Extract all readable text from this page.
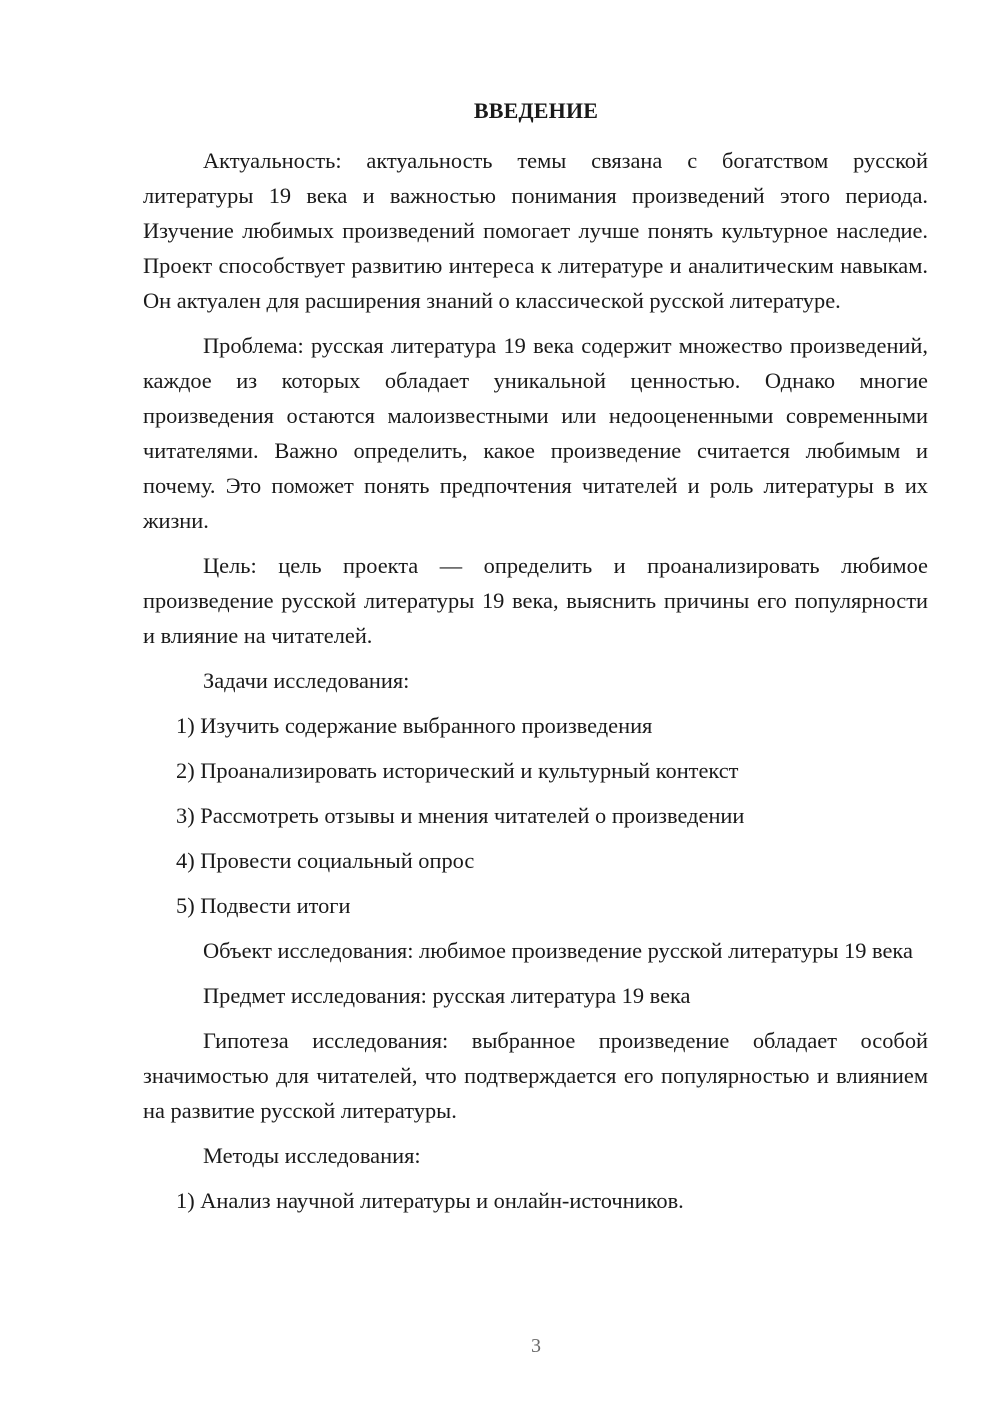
ВВЕДЕНИЕ

Актуальность: актуальность темы связана с богатством русской литературы 19 века и важностью понимания произведений этого периода. Изучение любимых произведений помогает лучше понять культурное наследие. Проект способствует развитию интереса к литературе и аналитическим навыкам. Он актуален для расширения знаний о классической русской литературе.

Проблема: русская литература 19 века содержит множество произведений, каждое из которых обладает уникальной ценностью. Однако многие произведения остаются малоизвестными или недооцененными современными читателями. Важно определить, какое произведение считается любимым и почему. Это поможет понять предпочтения читателей и роль литературы в их жизни.

Цель: цель проекта — определить и проанализировать любимое произведение русской литературы 19 века, выяснить причины его популярности и влияние на читателей.

Задачи исследования:

1) Изучить содержание выбранного произведения
2) Проанализировать исторический и культурный контекст
3) Рассмотреть отзывы и мнения читателей о произведении
4) Провести социальный опрос
5) Подвести итоги

Объект исследования: любимое произведение русской литературы 19 века

Предмет исследования: русская литература 19 века

Гипотеза исследования: выбранное произведение обладает особой значимостью для читателей, что подтверждается его популярностью и влиянием на развитие русской литературы.

Методы исследования:

1) Анализ научной литературы и онлайн-источников.
3
